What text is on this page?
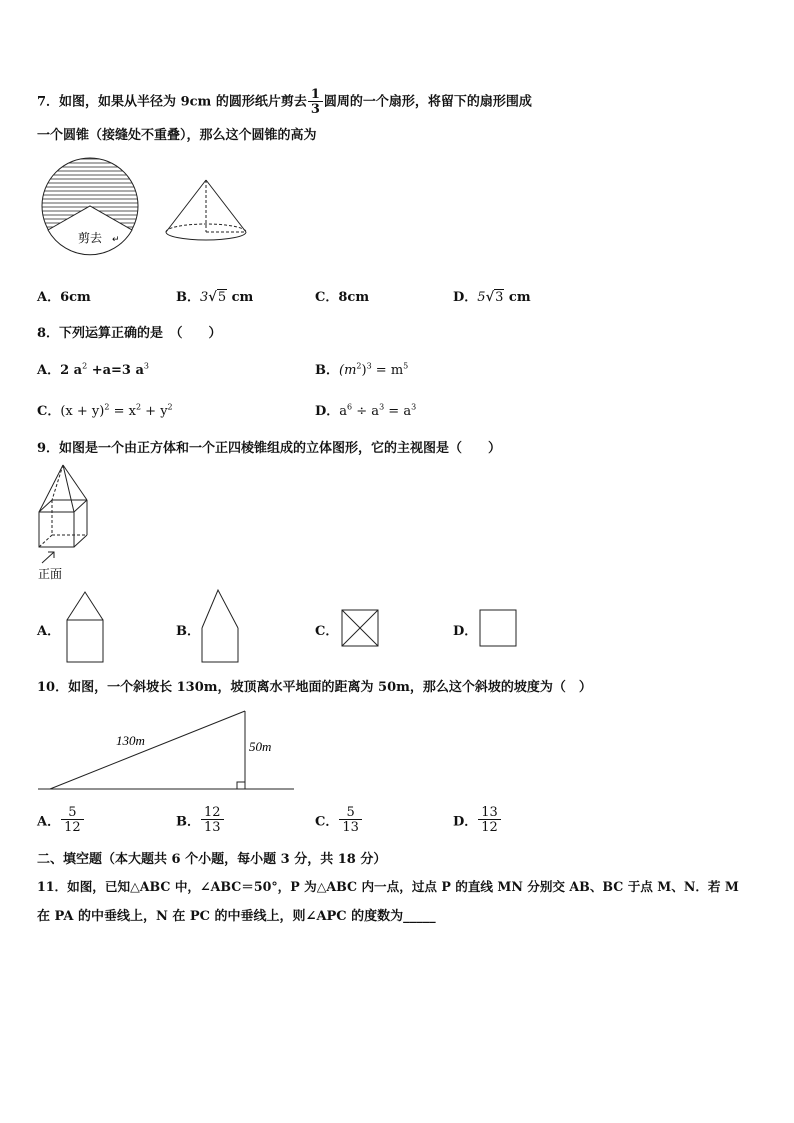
7．如图，如果从半径为 9cm 的圆形纸片剪去 $\frac{1}{3}$ 圆周的一个扇形，将留下的扇形围成
一个圆锥（接缝处不重叠），那么这个圆锥的高为
剪去 ↵
A．6cm	B．3√5 cm	C．8cm	D．5√3 cm
8．下列运算正确的是　（　　）
A．2 $a^2 +a=3$ $a^3$	B．$(m^2)^3 = m^5$
C．$(x + y)^2 = x^2 + y^2$	D．$a^6 \div a^3 = a^3$
9．如图是一个由正方体和一个正四棱锥组成的立体图形，它的主视图是（　　）
正面
A．	B．	C．	D．
10．如图，一个斜坡长 130m，坡顶离水平地面的距离为 50m，那么这个斜坡的坡度为（　）
130m	50m
A． $\frac{5}{12}$	B． $\frac{12}{13}$	C． $\frac{5}{13}$	D． $\frac{13}{12}$
二、填空题（本大题共 6 个小题，每小题 3 分，共 18 分）
11．如图，已知△ABC 中，∠ABC＝50°，P 为△ABC 内一点，过点 P 的直线 MN 分别交 AB、BC 于点 M、N．若 M
在 PA 的中垂线上，N 在 PC 的中垂线上，则∠APC 的度数为_____
